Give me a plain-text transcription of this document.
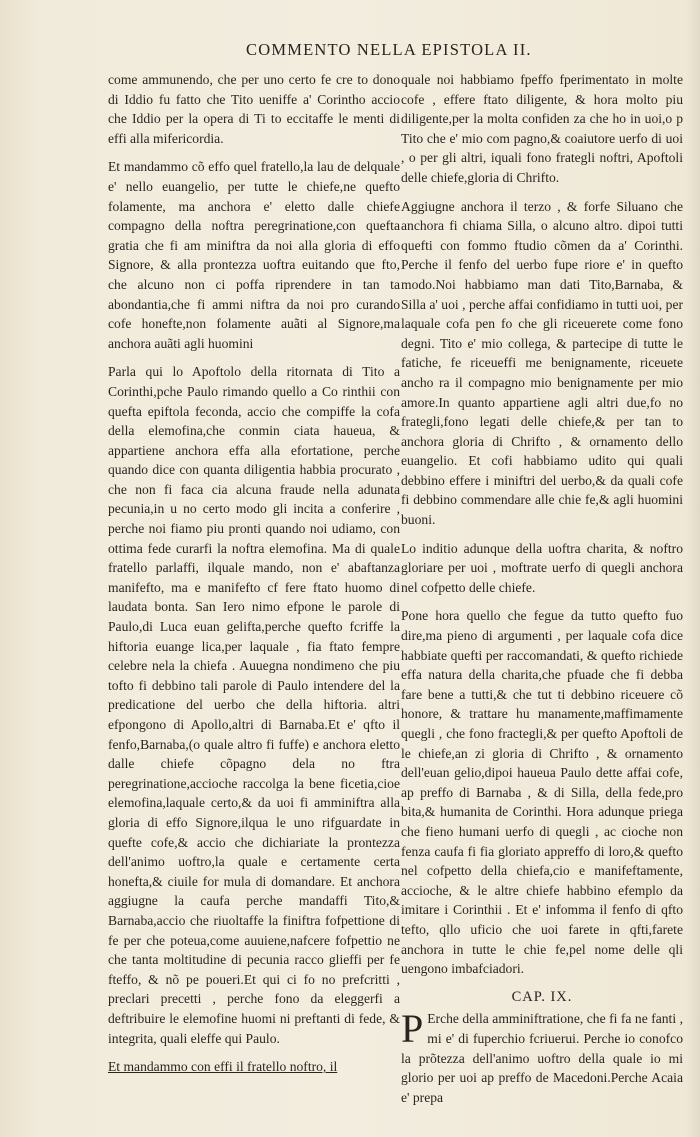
COMMENTO NELLA EPISTOLA II.

come ammunendo, che per uno certo fe cre to dono di Iddio fu fatto che Tito ueniffe a' Corintho accio che Iddio per la opera di Ti to eccitaffe le menti di effi alla mifericordia.

Et mandammo cõ effo quel fratello,la lau de delquale e' nello euangelio, per tutte le chiefe,ne quefto folamente, ma anchora e' eletto dalle chiefe compagno della noftra peregrinatione,con quefta gratia che fi am miniftra da noi alla gloria di effo Signore, & alla prontezza uoftra euitando que fto, che alcuno non ci poffa riprendere in tan ta abondantia,che fi ammi niftra da noi pro curando cofe honefte,non folamente auãti al Signore,ma anchora auãti agli huomini

Parla qui lo Apoftolo della ritornata di Tito a Corinthi,pche Paulo rimando quello a Co rinthii con quefta epiftola feconda, accio che compiffe la cofa della elemofina,che conmin ciata haueua, & appartiene anchora effa alla efortatione, perche quando dice con quanta diligentia habbia procurato , che non fi faca cia alcuna fraude nella adunata pecunia,in u no certo modo gli incita a conferire , perche noi fiamo piu pronti quando noi udiamo, con ottima fede curarfi la noftra elemofina. Ma di quale fratello parlaffi, ilquale mando, non e' abaftanza manifefto, ma e manifefto cf fere ftato huomo di laudata bonta. San Iero nimo efpone le parole di Paulo,di Luca euan gelifta,perche quefto fcriffe la hiftoria euange lica,per laquale , fia ftato fempre celebre nela la chiefa . Auuegna nondimeno che piu tofto fi debbino tali parole di Paulo intendere del la predicatione del uerbo che della hiftoria. altri efpongono di Apollo,altri di Barnaba.Et e' qfto il fenfo,Barnaba,(o quale altro fi fuffe) e anchora eletto dalle chiefe cõpagno dela no ftra peregrinatione,accioche raccolga la bene ficetia,cioe elemofina,laquale certo,& da uoi fi amminiftra alla gloria di effo Signore,ilqua le uno rifguardate in quefte cofe,& accio che dichiariate la prontezza dell'animo uoftro,la quale e certamente certa honefta,& ciuile for mula di domandare. Et anchora aggiugne la caufa perche mandaffi Tito,& Barnaba,accio che riuoltaffe la finiftra fofpettione di fe per che poteua,come auuiene,nafcere fofpettio ne che tanta moltitudine di pecunia racco glieffi per fe fteffo, & nõ pe poueri.Et qui ci fo no prefcritti , preclari precetti , perche fono da eleggerfi a deftribuire le elemofine huomi ni preftanti di fede, & integrita, quali eleffe qui Paulo.

Et mandammo con effi il fratello noftro, il

quale noi habbiamo fpeffo fperimentato in molte cofe , effere ftato diligente, & hora molto piu diligente,per la molta confiden za che ho in uoi,o p Tito che e' mio com pagno,& coaiutore uerfo di uoi , o per gli altri, iquali fono frategli noftri, Apoftoli delle chiefe,gloria di Chrifto.

Aggiugne anchora il terzo , & forfe Siluano che anchora fi chiama Silla, o alcuno altro. dipoi tutti quefti con fommo ftudio cõmen da a' Corinthi. Perche il fenfo del uerbo fupe riore e' in quefto modo.Noi habbiamo man dati Tito,Barnaba, & Silla a' uoi , perche affai confidiamo in tutti uoi, per laquale cofa pen fo che gli riceuerete come fono degni. Tito e' mio collega, & partecipe di tutte le fatiche, fe riceueffi me benignamente, riceuete ancho ra il compagno mio benignamente per mio amore.In quanto appartiene agli altri due,fo no frategli,fono legati delle chiefe,& per tan to anchora gloria di Chrifto , & ornamento dello euangelio. Et cofi habbiamo udito qui quali debbino effere i miniftri del uerbo,& da quali cofe fi debbino commendare alle chie fe,& agli huomini buoni.

Lo inditio adunque della uoftra charita, & noftro gloriare per uoi , moftrate uerfo di quegli anchora nel cofpetto delle chiefe.

Pone hora quello che fegue da tutto quefto fuo dire,ma pieno di argumenti , per laquale cofa dice habbiate quefti per raccomandati, & quefto richiede effa natura della charita,che pfuade che fi debba fare bene a tutti,& che tut ti debbino riceuere cõ honore, & trattare hu manamente,maffimamente quegli , che fono fractegli,& per quefto Apoftoli de le chiefe,an zi gloria di Chrifto , & ornamento dell'euan gelio,dipoi haueua Paulo dette affai cofe, ap preffo di Barnaba , & di Silla, della fede,pro bita,& humanita de Corinthi. Hora adunque priega che fieno humani uerfo di quegli , ac cioche non fenza caufa fi fia gloriato appreffo di loro,& quefto nel cofpetto della chiefa,cio e manifeftamente, accioche, & le altre chiefe habbino efemplo da imitare i Corinthii . Et e' infomma il fenfo di qfto tefto, qllo uficio che uoi farete in qfti,farete anchora in tutte le chie fe,pel nome delle qli uengono imbafciadori.

CAP. IX.
P Erche della amminiftratione, che fi fa ne fanti , mi e' di fuperchio fcriuerui. Perche io conofco la prõtezza dell'animo uoftro della quale io mi glorio per uoi ap preffo de Macedoni.Perche Acaia e' prepa
